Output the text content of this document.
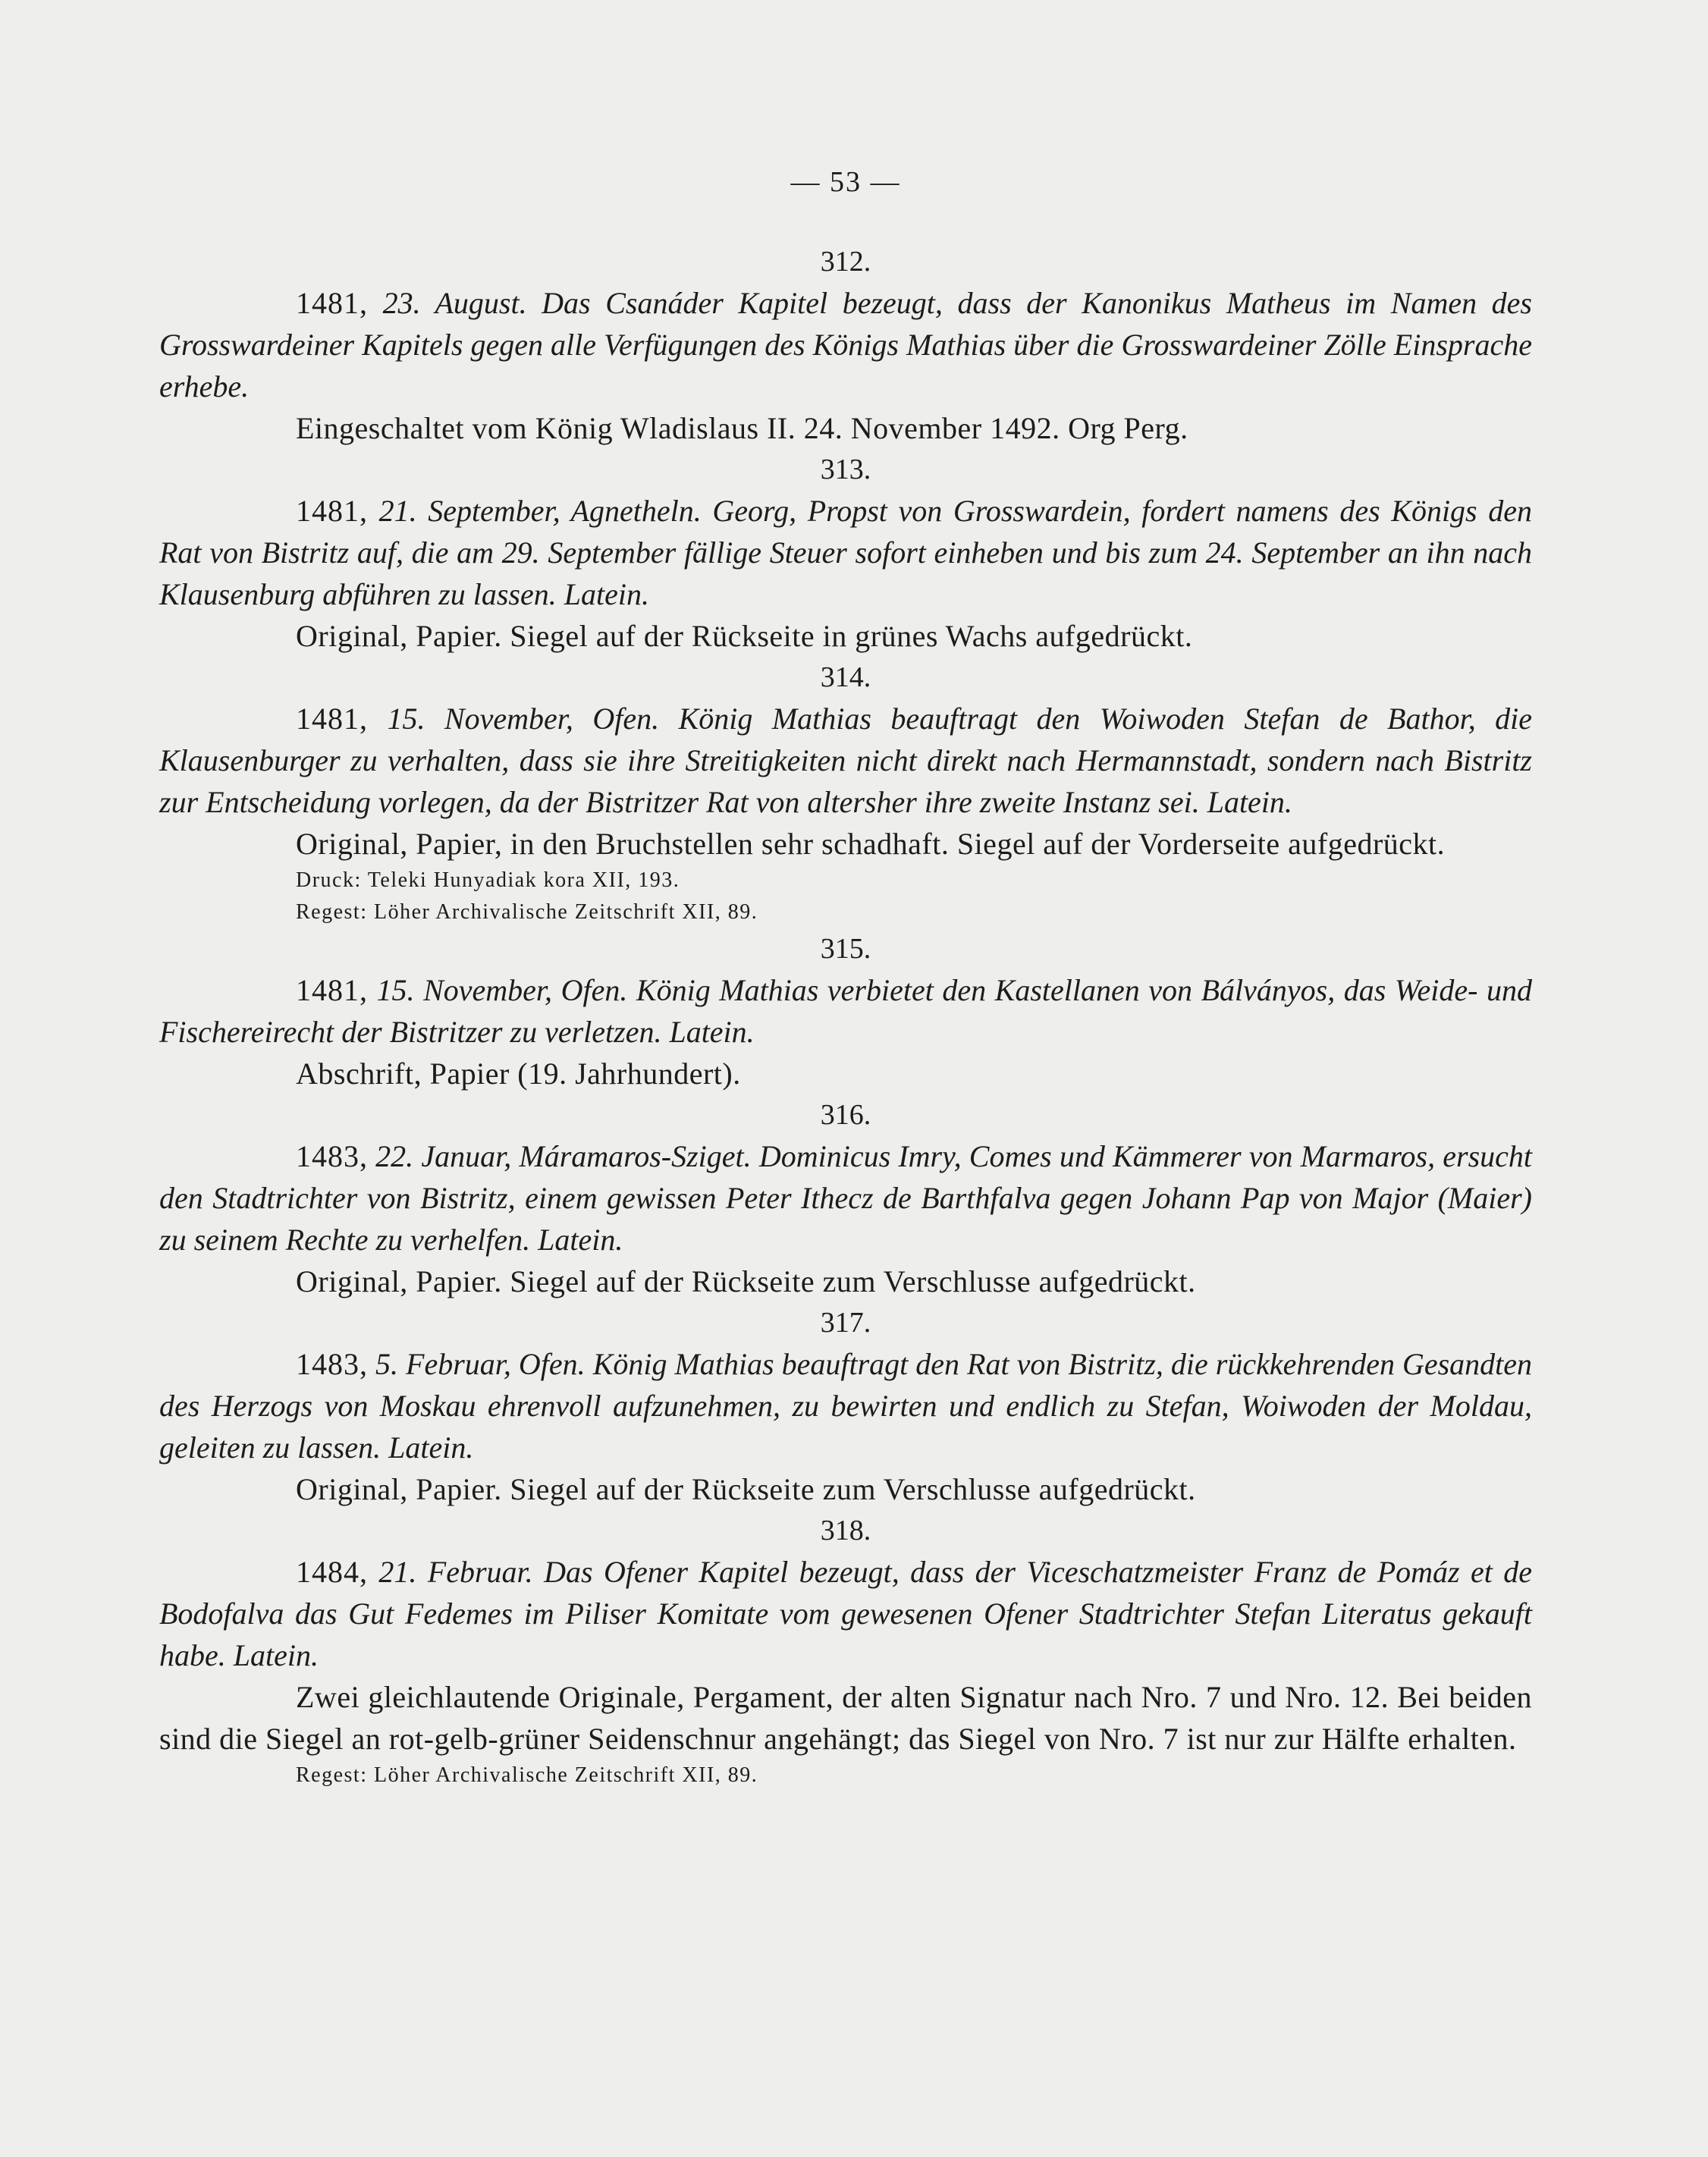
— 53 —
312.

1481, 23. August. Das Csanáder Kapitel bezeugt, dass der Kanonikus Matheus im Namen des Grosswardeiner Kapitels gegen alle Verfügungen des Königs Mathias über die Grosswardeiner Zölle Einsprache erhebe.

Eingeschaltet vom König Wladislaus II. 24. November 1492. Org Perg.

313.

1481, 21. September, Agnetheln. Georg, Propst von Grosswardein, fordert namens des Königs den Rat von Bistritz auf, die am 29. September fällige Steuer sofort einheben und bis zum 24. September an ihn nach Klausenburg abführen zu lassen. Latein.

Original, Papier. Siegel auf der Rückseite in grünes Wachs aufgedrückt.

314.

1481, 15. November, Ofen. König Mathias beauftragt den Woiwoden Stefan de Bathor, die Klausenburger zu verhalten, dass sie ihre Streitigkeiten nicht direkt nach Hermannstadt, sondern nach Bistritz zur Entscheidung vorlegen, da der Bistritzer Rat von altersher ihre zweite Instanz sei. Latein.

Original, Papier, in den Bruchstellen sehr schadhaft. Siegel auf der Vorderseite aufgedrückt.

Druck: Teleki Hunyadiak kora XII, 193.

Regest: Löher Archivalische Zeitschrift XII, 89.

315.

1481, 15. November, Ofen. König Mathias verbietet den Kastellanen von Bálványos, das Weide- und Fischereirecht der Bistritzer zu verletzen. Latein.

Abschrift, Papier (19. Jahrhundert).

316.

1483, 22. Januar, Máramaros-Sziget. Dominicus Imry, Comes und Kämmerer von Marmaros, ersucht den Stadtrichter von Bistritz, einem gewissen Peter Ithecz de Barthfalva gegen Johann Pap von Major (Maier) zu seinem Rechte zu verhelfen. Latein.

Original, Papier. Siegel auf der Rückseite zum Verschlusse aufgedrückt.

317.

1483, 5. Februar, Ofen. König Mathias beauftragt den Rat von Bistritz, die rückkehrenden Gesandten des Herzogs von Moskau ehrenvoll aufzunehmen, zu bewirten und endlich zu Stefan, Woiwoden der Moldau, geleiten zu lassen. Latein.

Original, Papier. Siegel auf der Rückseite zum Verschlusse aufgedrückt.

318.

1484, 21. Februar. Das Ofener Kapitel bezeugt, dass der Viceschatzmeister Franz de Pomáz et de Bodofalva das Gut Fedemes im Piliser Komitate vom gewesenen Ofener Stadtrichter Stefan Literatus gekauft habe. Latein.

Zwei gleichlautende Originale, Pergament, der alten Signatur nach Nro. 7 und Nro. 12. Bei beiden sind die Siegel an rot-gelb-grüner Seidenschnur angehängt; das Siegel von Nro. 7 ist nur zur Hälfte erhalten.

Regest: Löher Archivalische Zeitschrift XII, 89.
